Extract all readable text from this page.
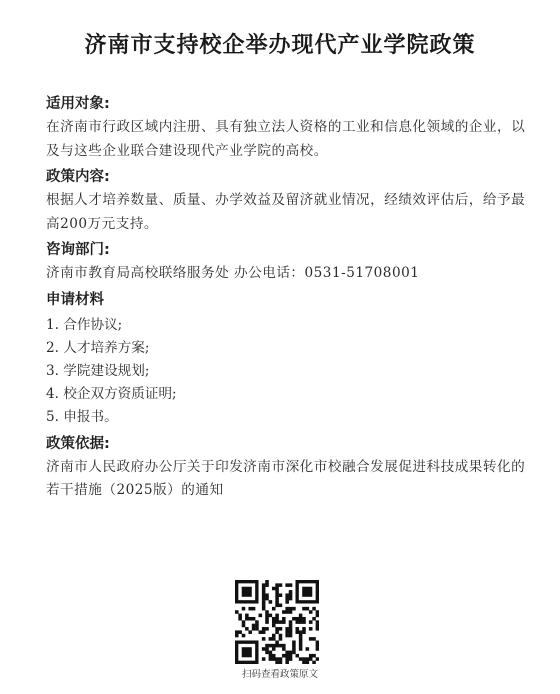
济南市支持校企举办现代产业学院政策
适用对象:
在济南市行政区域内注册、具有独立法人资格的工业和信息化领域的企业，以及与这些企业联合建设现代产业学院的高校。
政策内容:
根据人才培养数量、质量、办学效益及留济就业情况，经绩效评估后，给予最高200万元支持。
咨询部门:
济南市教育局高校联络服务处 办公电话：0531-51708001
申请材料
1. 合作协议;
2. 人才培养方案;
3. 学院建设规划;
4. 校企双方资质证明;
5. 申报书。
政策依据:
济南市人民政府办公厅关于印发济南市深化市校融合发展促进科技成果转化的若干措施（2025版）的通知
扫码查看政策原文
